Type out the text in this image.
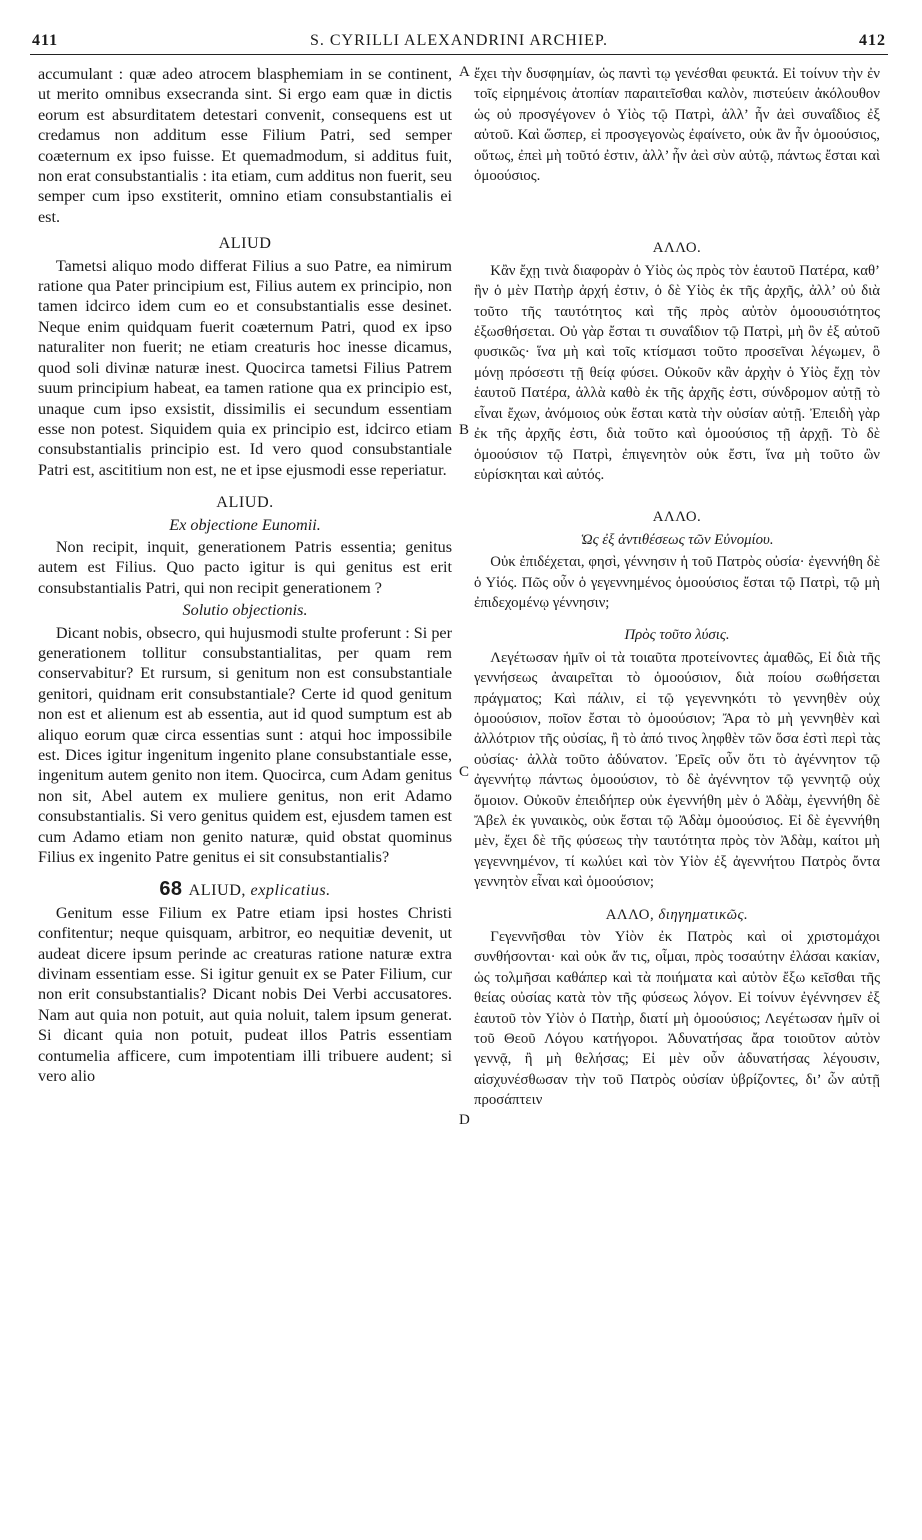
411	S. CYRILLI ALEXANDRINI ARCHIEP.	412

accumulant : quæ adeo atrocem blasphemiam in se continent, ut merito omnibus exsecranda sint. Si ergo eam quæ in dictis eorum est absurditatem detestari convenit, consequens est ut credamus non additum esse Filium Patri, sed semper coæternum ex ipso fuisse. Et quemadmodum, si additus fuit, non erat consubstantialis : ita etiam, cum additus non fuerit, seu semper cum ipso exstiterit, omnino etiam consubstantialis ei est.

ALIUD

Tametsi aliquo modo differat Filius a suo Patre, ea nimirum ratione qua Pater principium est, Filius autem ex principio, non tamen idcirco idem cum eo et consubstantialis esse desinet. Neque enim quidquam fuerit coæternum Patri, quod ex ipso naturaliter non fuerit; ne etiam creaturis hoc inesse dicamus, quod soli divinæ naturæ inest. Quocirca tametsi Filius Patrem suum principium habeat, ea tamen ratione qua ex principio est, unaque cum ipso exsistit, dissimilis ei secundum essentiam esse non potest. Siquidem quia ex principio est, idcirco etiam consubstantialis principio est. Id vero quod consubstantiale Patri est, ascititium non est, ne et ipse ejusmodi esse reperiatur.

ALIUD.
Ex objectione Eunomii.

Non recipit, inquit, generationem Patris essentia; genitus autem est Filius. Quo pacto igitur is qui genitus est erit consubstantialis Patri, qui non recipit generationem ?

Solutio objectionis.

Dicant nobis, obsecro, qui hujusmodi stulte proferunt : Si per generationem tollitur consubstantialitas, per quam rem conservabitur? Et rursum, si genitum non est consubstantiale genitori, quidnam erit consubstantiale? Certe id quod genitum non est et alienum est ab essentia, aut id quod sumptum est ab aliquo eorum quæ circa essentias sunt : atqui hoc impossibile est. Dices igitur ingenitum ingenito plane consubstantiale esse, ingenitum autem genito non item. Quocirca, cum Adam genitus non sit, Abel autem ex muliere genitus, non erit Adamo consubstantialis. Si vero genitus quidem est, ejusdem tamen est cum Adamo etiam non genito naturæ, quid obstat quominus Filius ex ingenito Patre genitus ei sit consubstantialis?

68 ALIUD, explicatius.

Genitum esse Filium ex Patre etiam ipsi hostes Christi confitentur; neque quisquam, arbitror, eo nequitiæ devenit, ut audeat dicere ipsum perinde ac creaturas ratione naturæ extra divinam essentiam esse. Si igitur genuit ex se Pater Filium, cur non erit consubstantialis? Dicant nobis Dei Verbi accusatores. Nam aut quia non potuit, aut quia noluit, talem ipsum generat. Si dicant quia non potuit, pudeat illos Patris essentiam contumelia afficere, cum impotentiam illi tribuere audent; si vero alio

A
B
C
D

ἔχει τὴν δυσφημίαν, ὡς παντὶ τῳ γενέσθαι φευκτά. Εἰ τοίνυν τὴν ἐν τοῖς εἰρημένοις ἀτοπίαν παραιτεῖσθαι καλὸν, πιστεύειν ἀκόλουθον ὡς οὐ προσγέγονεν ὁ Υἱὸς τῷ Πατρὶ, ἀλλ’ ἦν ἀεὶ συναΐδιος ἐξ αὐτοῦ. Καὶ ὥσπερ, εἰ προσγεγονὼς ἐφαίνετο, οὐκ ἂν ἦν ὁμοούσιος, οὕτως, ἐπεὶ μὴ τοῦτό ἐστιν, ἀλλ’ ἦν ἀεὶ σὺν αὐτῷ, πάντως ἔσται καὶ ὁμοούσιος.

ΑΛΛΟ.

Κἂν ἔχῃ τινὰ διαφορὰν ὁ Υἱὸς ὡς πρὸς τὸν ἑαυτοῦ Πατέρα, καθ’ ἣν ὁ μὲν Πατὴρ ἀρχή ἐστιν, ὁ δὲ Υἱὸς ἐκ τῆς ἀρχῆς, ἀλλ’ οὐ διὰ τοῦτο τῆς ταυτότητος καὶ τῆς πρὸς αὐτὸν ὁμοουσιότητος ἐξωσθήσεται. Οὐ γὰρ ἔσται τι συναΐδιον τῷ Πατρὶ, μὴ ὂν ἐξ αὐτοῦ φυσικῶς· ἵνα μὴ καὶ τοῖς κτίσμασι τοῦτο προσεῖναι λέγωμεν, ὃ μόνῃ πρόσεστι τῇ θείᾳ φύσει. Οὐκοῦν κἂν ἀρχὴν ὁ Υἱὸς ἔχῃ τὸν ἑαυτοῦ Πατέρα, ἀλλὰ καθὸ ἐκ τῆς ἀρχῆς ἐστι, σύνδρομον αὐτῇ τὸ εἶναι ἔχων, ἀνόμοιος οὐκ ἔσται κατὰ τὴν οὐσίαν αὐτῇ. Ἐπειδὴ γὰρ ἐκ τῆς ἀρχῆς ἐστι, διὰ τοῦτο καὶ ὁμοούσιος τῇ ἀρχῇ. Τὸ δὲ ὁμοούσιον τῷ Πατρὶ, ἐπιγενητὸν οὐκ ἔστι, ἵνα μὴ τοῦτο ὢν εὑρίσκηται καὶ αὐτός.

ΑΛΛΟ.
Ὡς ἐξ ἀντιθέσεως τῶν Εὐνομίου.

Οὐκ ἐπιδέχεται, φησὶ, γέννησιν ἡ τοῦ Πατρὸς οὐσία· ἐγεννήθη δὲ ὁ Υἱός. Πῶς οὖν ὁ γεγεννημένος ὁμοούσιος ἔσται τῷ Πατρὶ, τῷ μὴ ἐπιδεχομένῳ γέννησιν;

Πρὸς τοῦτο λύσις.

Λεγέτωσαν ἡμῖν οἱ τὰ τοιαῦτα προτείνοντες ἀμαθῶς, Εἰ διὰ τῆς γεννήσεως ἀναιρεῖται τὸ ὁμοούσιον, διὰ ποίου σωθήσεται πράγματος; Καὶ πάλιν, εἰ τῷ γεγεννηκότι τὸ γεννηθὲν οὐχ ὁμοούσιον, ποῖον ἔσται τὸ ὁμοούσιον; Ἄρα τὸ μὴ γεννηθὲν καὶ ἀλλότριον τῆς οὐσίας, ἢ τὸ ἀπό τινος ληφθὲν τῶν ὅσα ἐστὶ περὶ τὰς οὐσίας· ἀλλὰ τοῦτο ἀδύνατον. Ἐρεῖς οὖν ὅτι τὸ ἀγέννητον τῷ ἀγεννήτῳ πάντως ὁμοούσιον, τὸ δὲ ἀγέννητον τῷ γεννητῷ οὐχ ὅμοιον. Οὐκοῦν ἐπειδήπερ οὐκ ἐγεννήθη μὲν ὁ Ἀδὰμ, ἐγεννήθη δὲ Ἄβελ ἐκ γυναικὸς, οὐκ ἔσται τῷ Ἀδὰμ ὁμοούσιος. Εἰ δὲ ἐγεννήθη μὲν, ἔχει δὲ τῆς φύσεως τὴν ταυτότητα πρὸς τὸν Ἀδὰμ, καίτοι μὴ γεγεννημένον, τί κωλύει καὶ τὸν Υἱὸν ἐξ ἀγεννήτου Πατρὸς ὄντα γεννητὸν εἶναι καὶ ὁμοούσιον;

ΑΛΛΟ, διηγηματικῶς.

Γεγεννῆσθαι τὸν Υἱὸν ἐκ Πατρὸς καὶ οἱ χριστομάχοι συνθήσονται· καὶ οὐκ ἄν τις, οἶμαι, πρὸς τοσαύτην ἐλάσαι κακίαν, ὡς τολμῆσαι καθάπερ καὶ τὰ ποιήματα καὶ αὐτὸν ἔξω κεῖσθαι τῆς θείας οὐσίας κατὰ τὸν τῆς φύσεως λόγον. Εἰ τοίνυν ἐγέννησεν ἐξ ἑαυτοῦ τὸν Υἱὸν ὁ Πατὴρ, διατί μὴ ὁμοούσιος; Λεγέτωσαν ἡμῖν οἱ τοῦ Θεοῦ Λόγου κατήγοροι. Ἀδυνατήσας ἄρα τοιοῦτον αὐτὸν γεννᾷ, ἢ μὴ θελήσας; Εἰ μὲν οὖν ἀδυνατήσας λέγουσιν, αἰσχυνέσθωσαν τὴν τοῦ Πατρὸς οὐσίαν ὑβρίζοντες, δι’ ὧν αὐτῇ προσάπτειν
